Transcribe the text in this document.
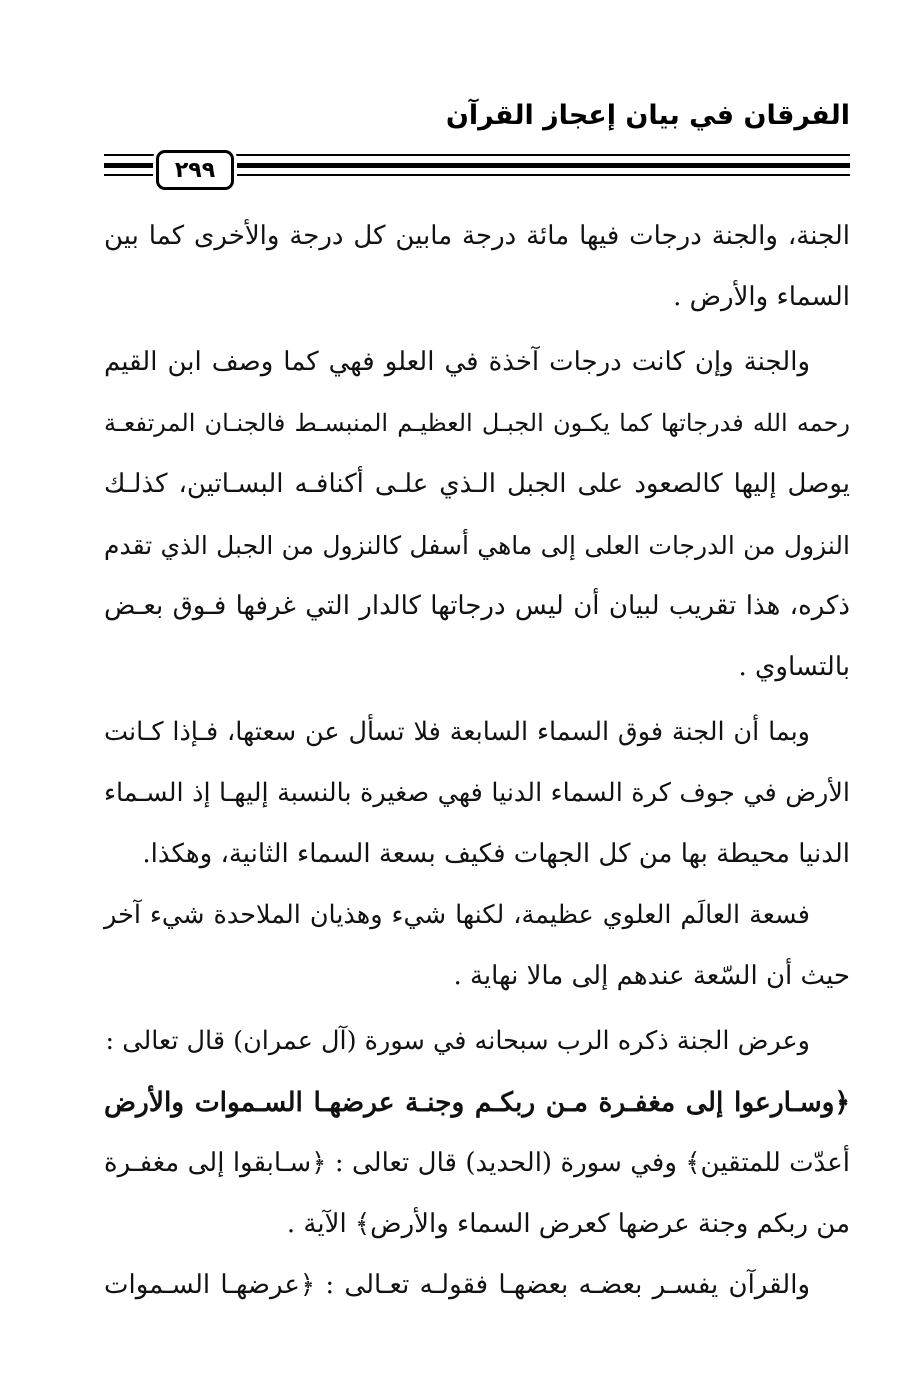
الفرقان في بيان إعجاز القرآن
٢٩٩
الجنة، والجنة درجات فيها مائة درجة مابين كل درجة والأخرى كما بين
السماء والأرض .
والجنة وإن كانت درجات آخذة في العلو فهي كما وصف ابن القيم
رحمه الله فدرجاتها كما يكـون الجبـل العظيـم المنبسـط فالجنـان المرتفعـة
يوصل إليها كالصعود على الجبل الـذي علـى أكنافـه البسـاتين، كذلـك
النزول من الدرجات العلى إلى ماهي أسفل كالنزول من الجبل الذي تقدم
ذكره، هذا تقريب لبيان أن ليس درجاتها كالدار التي غرفها فـوق بعـض
بالتساوي .
وبما أن الجنة فوق السماء السابعة فلا تسأل عن سعتها، فـإذا كـانت
الأرض في جوف كرة السماء الدنيا فهي صغيرة بالنسبة إليهـا إذ السـماء
الدنيا محيطة بها من كل الجهات فكيف بسعة السماء الثانية، وهكذا.
فسعة العالَم العلوي عظيمة، لكنها شيء وهذيان الملاحدة شيء آخر
حيث أن السّعة عندهم إلى مالا نهاية .
وعرض الجنة ذكره الرب سبحانه في سورة (آل عمران) قال تعالى :
﴿وسـارعوا إلى مغفـرة مـن ربكـم وجنـة عرضهـا السـموات والأرض
أعدّت للمتقين﴾ وفي سورة (الحديد) قال تعالى : ﴿سـابقوا إلى مغفـرة
من ربكم وجنة عرضها كعرض السماء والأرض﴾ الآية .
والقرآن يفسـر بعضـه بعضهـا فقولـه تعـالى : ﴿عرضهـا السـموات
